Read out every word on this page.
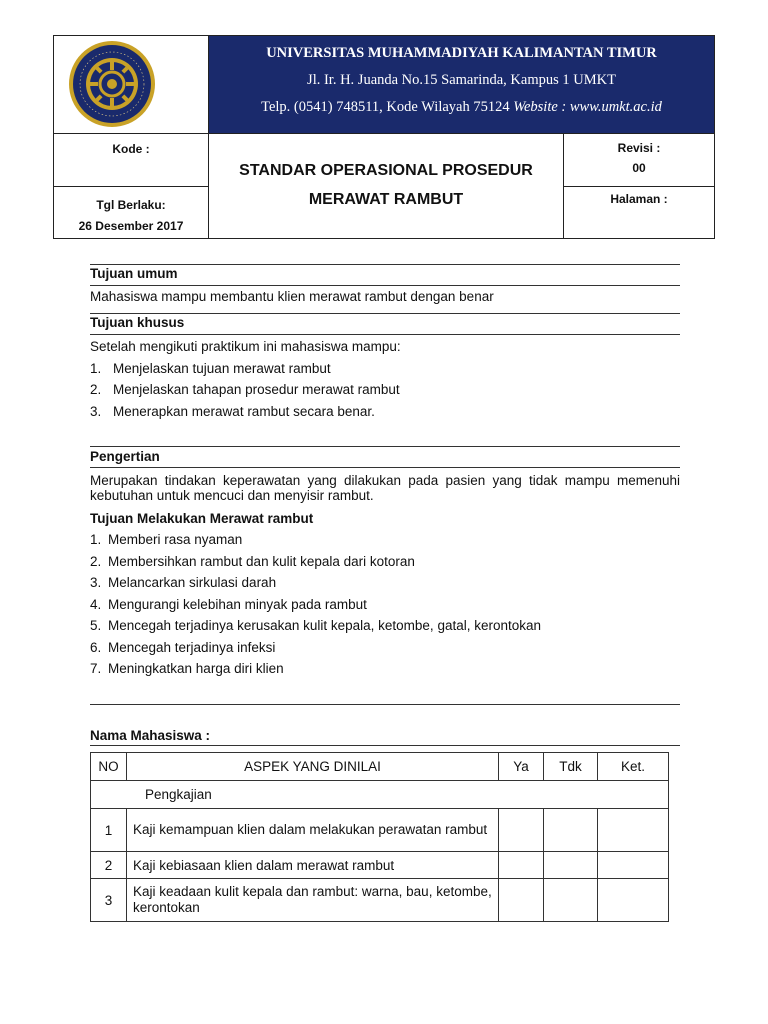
UNIVERSITAS MUHAMMADIYAH KALIMANTAN TIMUR
Jl. Ir. H. Juanda No.15 Samarinda, Kampus 1 UMKT
Telp. (0541) 748511, Kode Wilayah 75124 Website : www.umkt.ac.id
Kode :
Tgl Berlaku:
26 Desember 2017
STANDAR OPERASIONAL PROSEDUR
MERAWAT RAMBUT
Revisi :
00
Halaman :
Tujuan umum
Mahasiswa mampu membantu klien merawat rambut dengan benar
Tujuan khusus
Setelah mengikuti praktikum ini mahasiswa mampu:
1. Menjelaskan tujuan merawat rambut
2. Menjelaskan tahapan prosedur merawat rambut
3. Menerapkan merawat rambut secara benar.
Pengertian
Merupakan tindakan keperawatan yang dilakukan pada pasien yang tidak mampu memenuhi kebutuhan untuk mencuci dan menyisir rambut.
Tujuan Melakukan Merawat rambut
1. Memberi rasa nyaman
2. Membersihkan rambut dan kulit kepala dari kotoran
3. Melancarkan sirkulasi darah
4. Mengurangi kelebihan minyak pada rambut
5. Mencegah terjadinya kerusakan kulit kepala, ketombe, gatal, kerontokan
6. Mencegah terjadinya infeksi
7. Meningkatkan harga diri klien
Nama Mahasiswa :
NO	ASPEK YANG DINILAI	Ya	Tdk	Ket.
Pengkajian				
1	Kaji kemampuan klien dalam melakukan perawatan rambut			
2	Kaji kebiasaan klien dalam merawat rambut			
3	Kaji keadaan kulit kepala dan rambut: warna, bau, ketombe, kerontokan			
